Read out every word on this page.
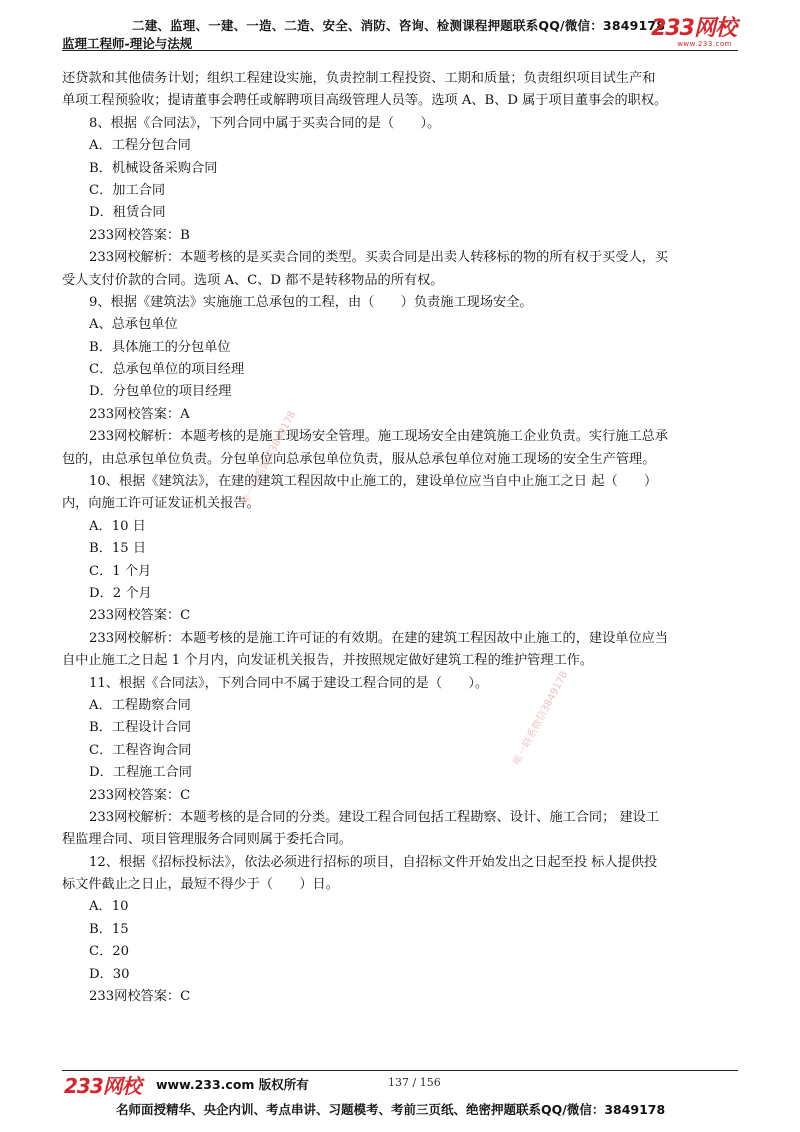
二建、监理、一建、一造、二造、安全、消防、咨询、检测课程押题联系QQ/微信：3849178
监理工程师-理论与法规
233网校
www.233.com
还贷款和其他债务计划；组织工程建设实施，负责控制工程投资、工期和质量；负责组织项目试生产和
单项工程预验收；提请董事会聘任或解聘项目高级管理人员等。选项 A、B、D 属于项目董事会的职权。
8、根据《合同法》，下列合同中属于买卖合同的是（　　）。
A．工程分包合同
B．机械设备采购合同
C．加工合同
D．租赁合同
233网校答案：B
233网校解析：本题考核的是买卖合同的类型。买卖合同是出卖人转移标的物的所有权于买受人，买
受人支付价款的合同。选项 A、C、D 都不是转移物品的所有权。
9、根据《建筑法》实施施工总承包的工程，由（　　）负责施工现场安全。
A、总承包单位
B．具体施工的分包单位
C．总承包单位的项目经理
D．分包单位的项目经理
233网校答案：A
233网校解析：本题考核的是施工现场安全管理。施工现场安全由建筑施工企业负责。实行施工总承
包的，由总承包单位负责。分包单位向总承包单位负责，服从总承包单位对施工现场的安全生产管理。
10、根据《建筑法》，在建的建筑工程因故中止施工的，建设单位应当自中止施工之日 起（　　）
内，向施工许可证发证机关报告。
A．10 日
B．15 日
C．1 个月
D．2 个月
233网校答案：C
233网校解析：本题考核的是施工许可证的有效期。在建的建筑工程因故中止施工的，建设单位应当
自中止施工之日起 1 个月内，向发证机关报告，并按照规定做好建筑工程的维护管理工作。
11、根据《合同法》，下列合同中不属于建设工程合同的是（　　）。
A．工程勘察合同
B．工程设计合同
C．工程咨询合同
D．工程施工合同
233网校答案：C
233网校解析：本题考核的是合同的分类。建设工程合同包括工程勘察、设计、施工合同； 建设工
程监理合同、项目管理服务合同则属于委托合同。
12、根据《招标投标法》，依法必须进行招标的项目，自招标文件开始发出之日起至投 标人提供投
标文件截止之日止，最短不得少于（　　）日。
A．10
B．15
C．20
D．30
233网校答案：C
唯一联系微信3849178
唯一联系微信3849178
233网校 www.233.com 版权所有	137 / 156
名师面授精华、央企内训、考点串讲、习题模考、考前三页纸、绝密押题联系QQ/微信：3849178
